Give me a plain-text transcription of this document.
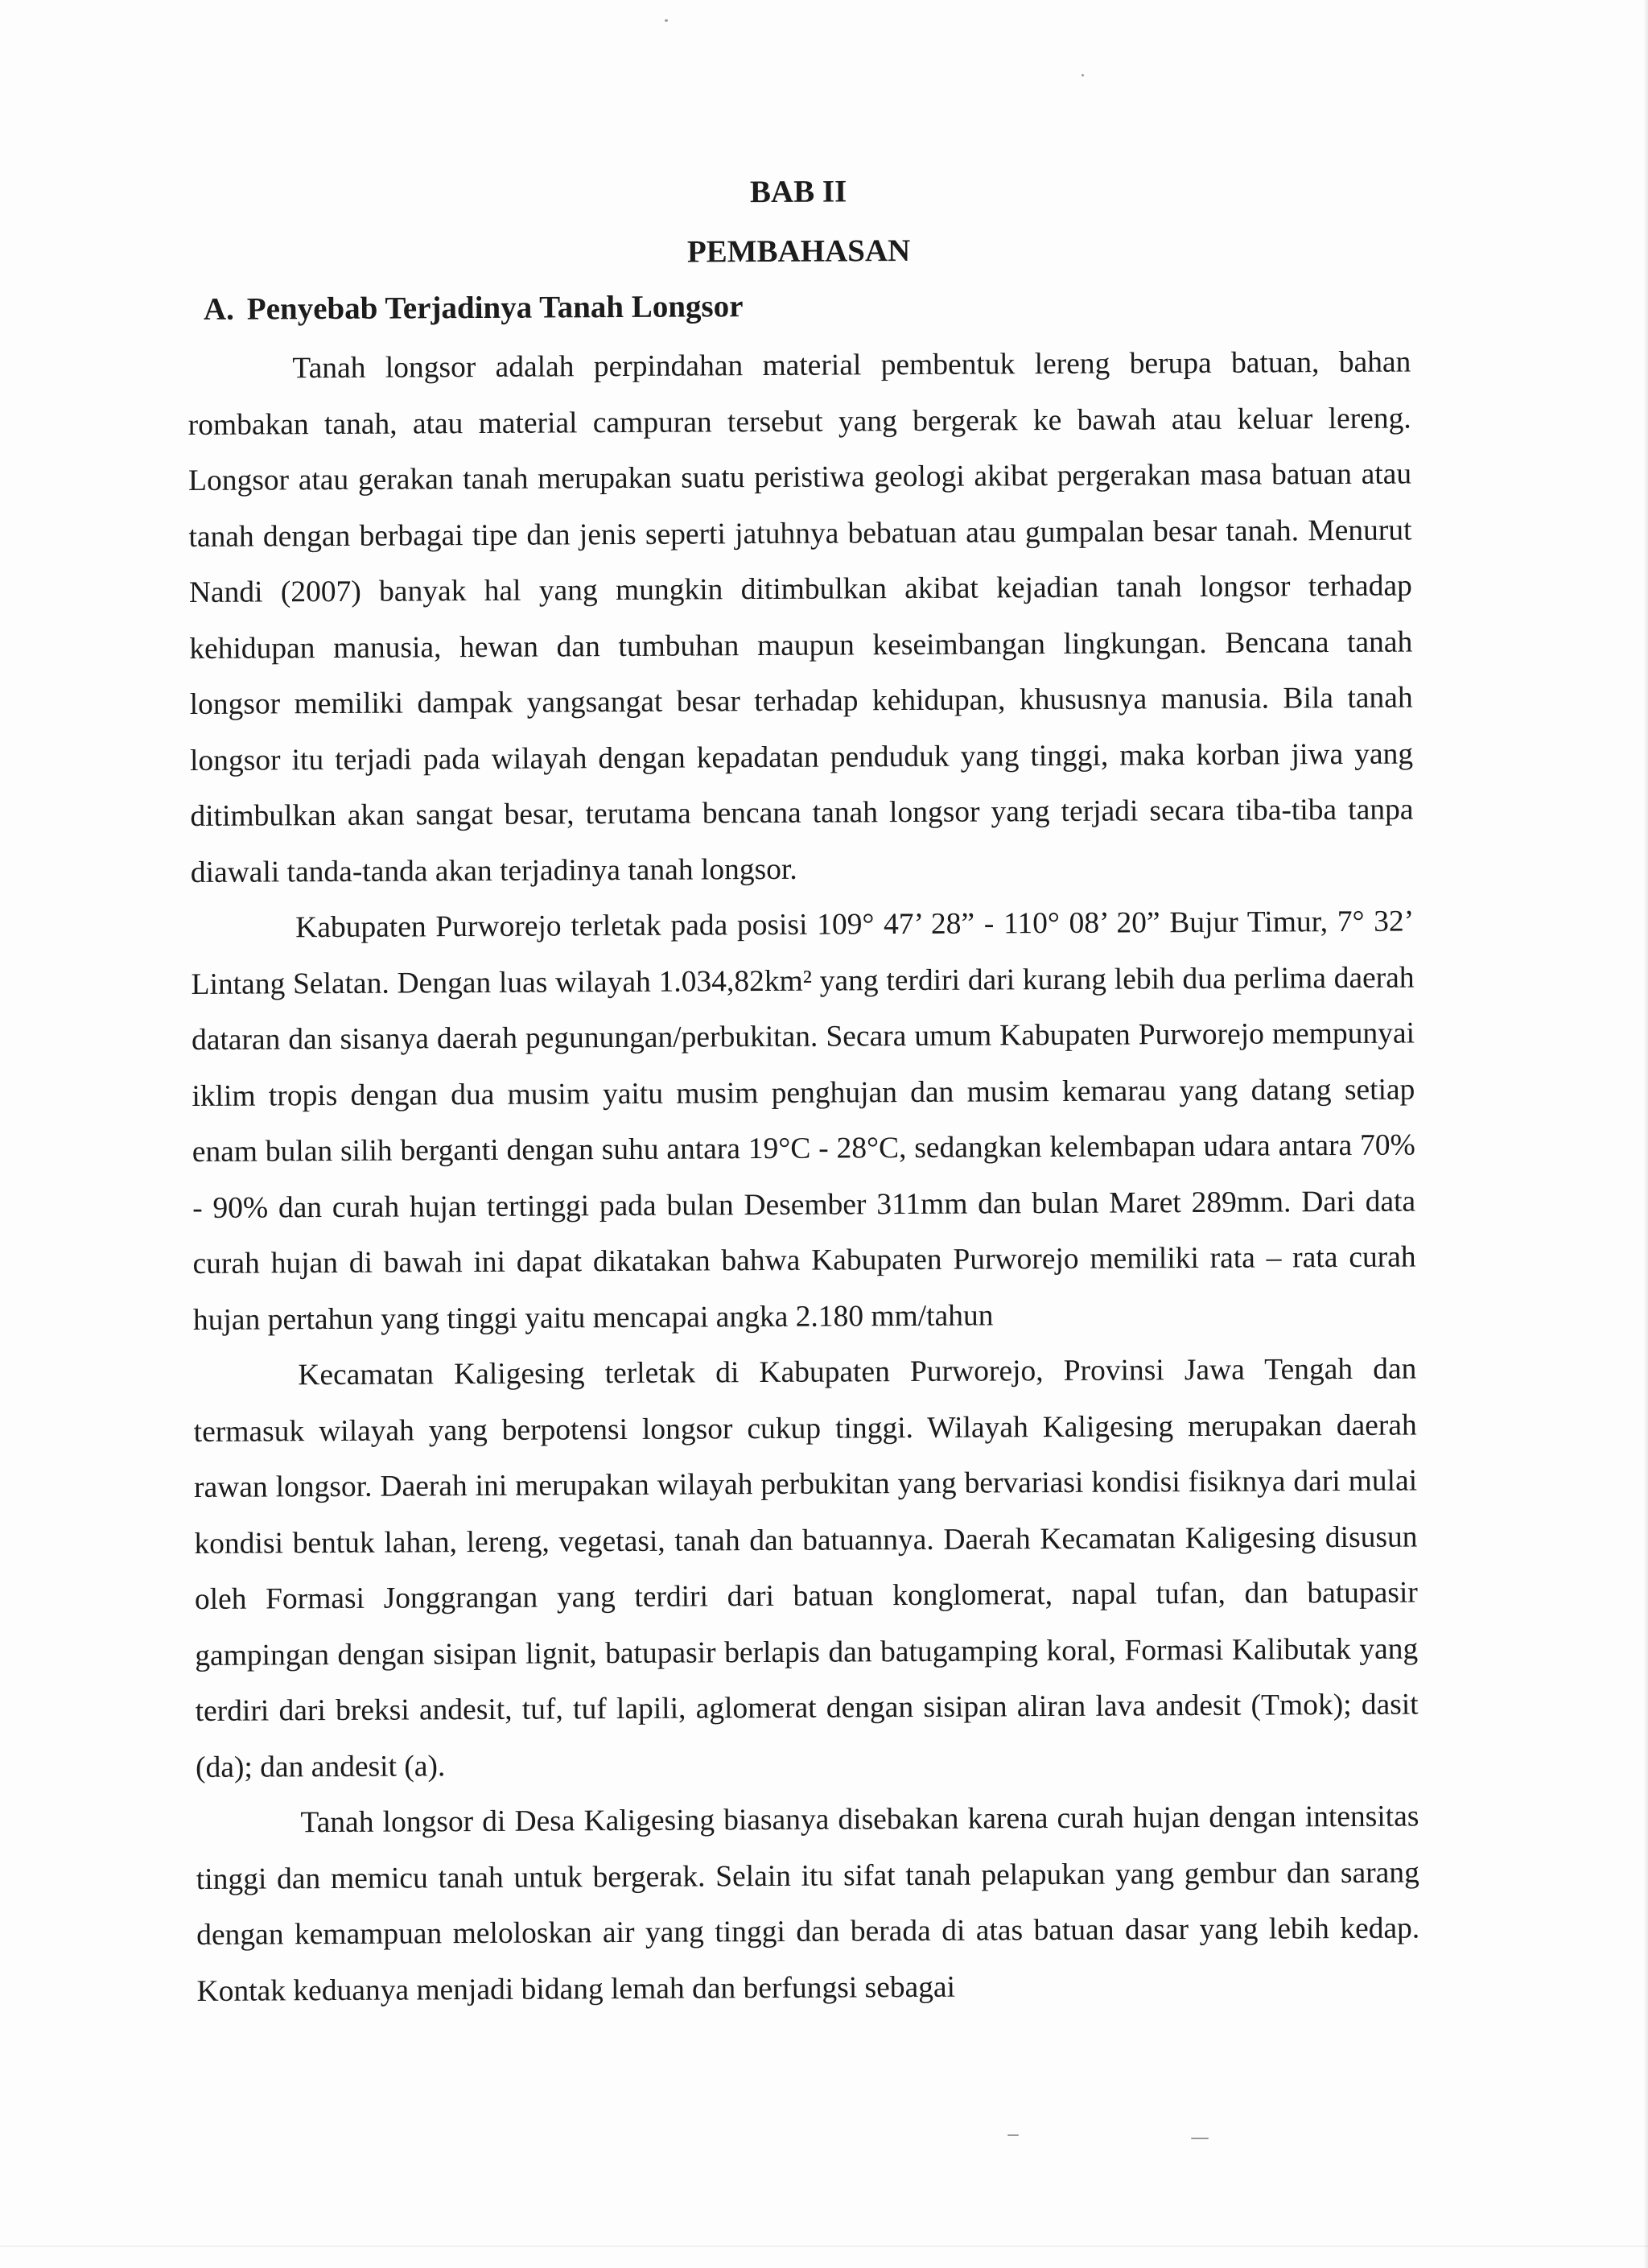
BAB II
PEMBAHASAN
A. Penyebab Terjadinya Tanah Longsor

Tanah longsor adalah perpindahan material pembentuk lereng berupa batuan, bahan rombakan tanah, atau material campuran tersebut yang bergerak ke bawah atau keluar lereng. Longsor atau gerakan tanah merupakan suatu peristiwa geologi akibat pergerakan masa batuan atau tanah dengan berbagai tipe dan jenis seperti jatuhnya bebatuan atau gumpalan besar tanah. Menurut Nandi (2007) banyak hal yang mungkin ditimbulkan akibat kejadian tanah longsor terhadap kehidupan manusia, hewan dan tumbuhan maupun keseimbangan lingkungan. Bencana tanah longsor memiliki dampak yangsangat besar terhadap kehidupan, khususnya manusia. Bila tanah longsor itu terjadi pada wilayah dengan kepadatan penduduk yang tinggi, maka korban jiwa yang ditimbulkan akan sangat besar, terutama bencana tanah longsor yang terjadi secara tiba-tiba tanpa diawali tanda-tanda akan terjadinya tanah longsor.

Kabupaten Purworejo terletak pada posisi 109° 47’ 28” - 110° 08’ 20” Bujur Timur, 7° 32’ Lintang Selatan. Dengan luas wilayah 1.034,82km² yang terdiri dari kurang lebih dua perlima daerah dataran dan sisanya daerah pegunungan/perbukitan. Secara umum Kabupaten Purworejo mempunyai iklim tropis dengan dua musim yaitu musim penghujan dan musim kemarau yang datang setiap enam bulan silih berganti dengan suhu antara 19°C - 28°C, sedangkan kelembapan udara antara 70% - 90% dan curah hujan tertinggi pada bulan Desember 311mm dan bulan Maret 289mm. Dari data curah hujan di bawah ini dapat dikatakan bahwa Kabupaten Purworejo memiliki rata – rata curah hujan pertahun yang tinggi yaitu mencapai angka 2.180 mm/tahun

Kecamatan Kaligesing terletak di Kabupaten Purworejo, Provinsi Jawa Tengah dan termasuk wilayah yang berpotensi longsor cukup tinggi. Wilayah Kaligesing merupakan daerah rawan longsor. Daerah ini merupakan wilayah perbukitan yang bervariasi kondisi fisiknya dari mulai kondisi bentuk lahan, lereng, vegetasi, tanah dan batuannya. Daerah Kecamatan Kaligesing disusun oleh Formasi Jonggrangan yang terdiri dari batuan konglomerat, napal tufan, dan batupasir gampingan dengan sisipan lignit, batupasir berlapis dan batugamping koral, Formasi Kalibutak yang terdiri dari breksi andesit, tuf, tuf lapili, aglomerat dengan sisipan aliran lava andesit (Tmok); dasit (da); dan andesit (a).

Tanah longsor di Desa Kaligesing biasanya disebakan karena curah hujan dengan intensitas tinggi dan memicu tanah untuk bergerak. Selain itu sifat tanah pelapukan yang gembur dan sarang dengan kemampuan meloloskan air yang tinggi dan berada di atas batuan dasar yang lebih kedap. Kontak keduanya menjadi bidang lemah dan berfungsi sebagai
